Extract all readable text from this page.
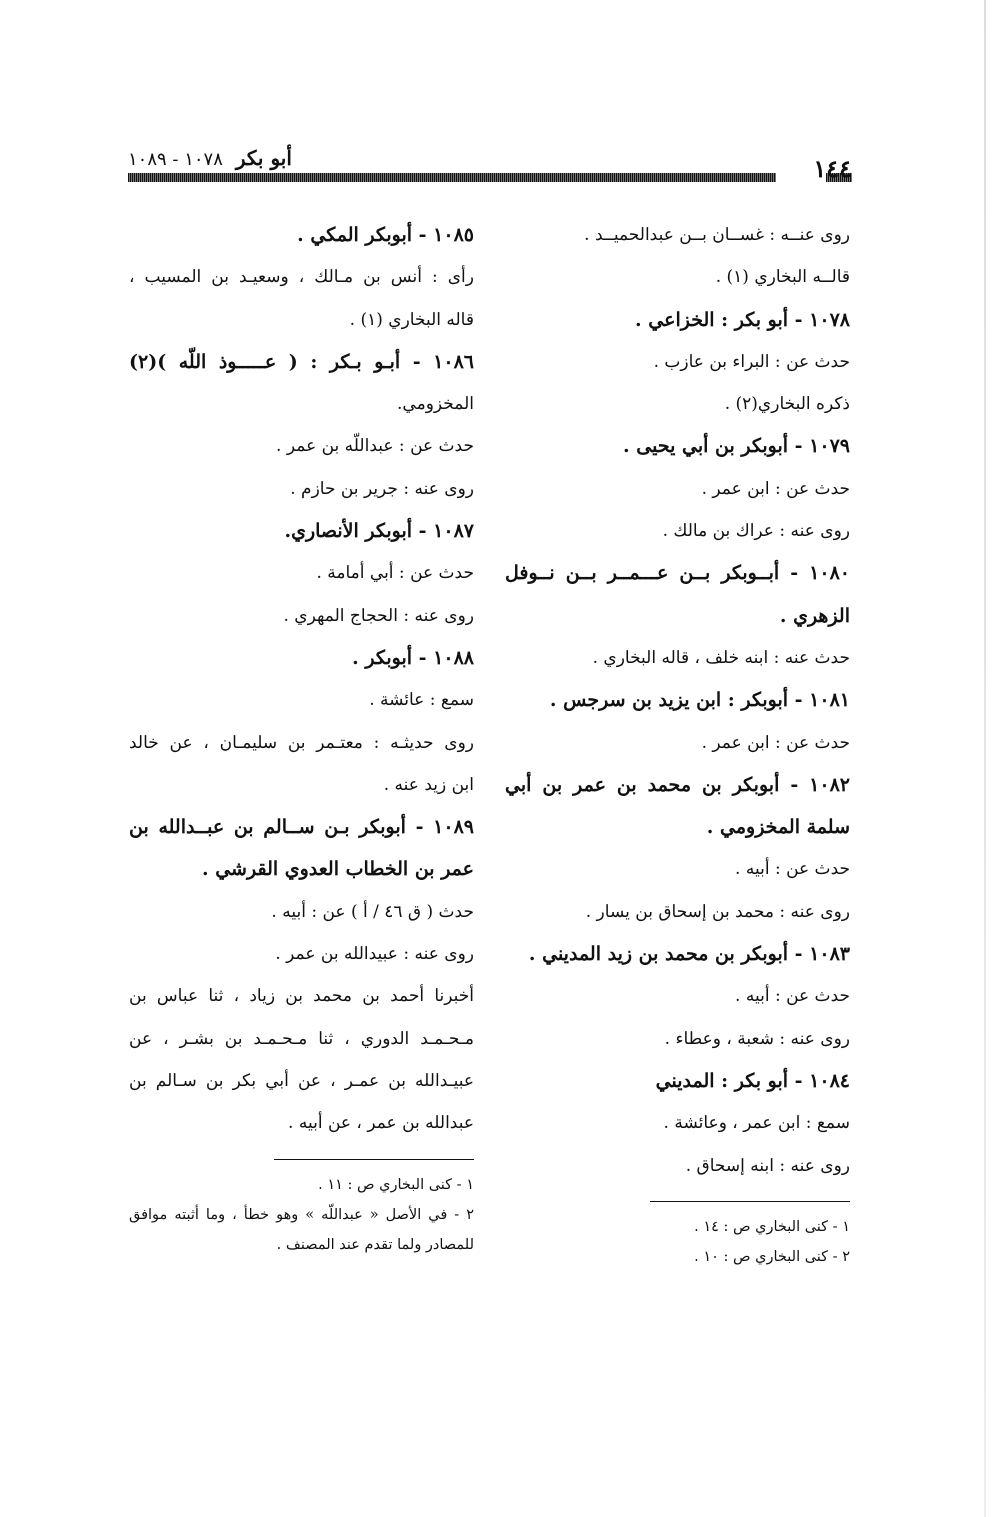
أبو بكر ١٠٧٨ - ١٠٨٩	١٤٤
روى عنــه : غســان بــن عبدالحميــد .
قالــه البخاري (١) .
١٠٧٨ - أبو بكر : الخزاعي .
حدث عن : البراء بن عازب .
ذكره البخاري(٢) .
١٠٧٩ - أبوبكر بن أبي يحيى .
حدث عن : ابن عمر .
روى عنه : عراك بن مالك .
١٠٨٠ - أبــوبكر بــن عـــمــر بــن نــوفل
الزهري .
حدث عنه : ابنه خلف ، قاله البخاري .
١٠٨١ - أبوبكر : ابن يزيد بن سرجس .
حدث عن : ابن عمر .
١٠٨٢ - أبوبكر بن محمد بن عمر بن أبي
سلمة المخزومي .
حدث عن : أبيه .
روى عنه : محمد بن إسحاق بن يسار .
١٠٨٣ - أبوبكر بن محمد بن زيد المديني .
حدث عن : أبيه .
روى عنه : شعبة ، وعطاء .
١٠٨٤ - أبو بكر : المديني
سمع : ابن عمر ، وعائشة .
روى عنه : ابنه إسحاق .
١ - كنى البخاري ص : ١٤ .
٢ - كنى البخاري ص : ١٠ .
١٠٨٥ - أبوبكر المكي .
رأى : أنس بن مـالك ، وسعيـد بن المسيب ،
قاله البخاري (١) .
١٠٨٦ - أبـو بـكر : ( عـــــوذ اللّه )(٢)
المخزومي.
حدث عن : عبداللّه بن عمر .
روى عنه : جرير بن حازم .
١٠٨٧ - أبوبكر الأنصاري.
حدث عن : أبي أمامة .
روى عنه : الحجاج المهري .
١٠٨٨ - أبوبكر .
سمع : عائشة .
روى حديثـه : معتـمر بن سليمـان ، عن خالد
ابن زيد عنه .
١٠٨٩ - أبوبكر بـن ســالم بن عبــدالله بن
عمر بن الخطاب العدوي القرشي .
حدث ( ق ٤٦ / أ ) عن : أبيه .
روى عنه : عبيدالله بن عمر .
أخبرنا أحمد بن محمد بن زياد ، ثنا عباس بن
مـحـمـد الدوري ، ثنا مـحـمـد بن بشـر ، عن
عبيـدالله بن عمـر ، عن أبي بكر بن سـالم بن
عبدالله بن عمر ، عن أبيه .
١ - كنى البخاري ص : ١١ .
٢ - في الأصل « عبداللّه » وهو خطأ ، وما أثبته موافق
للمصادر ولما تقدم عند المصنف .
